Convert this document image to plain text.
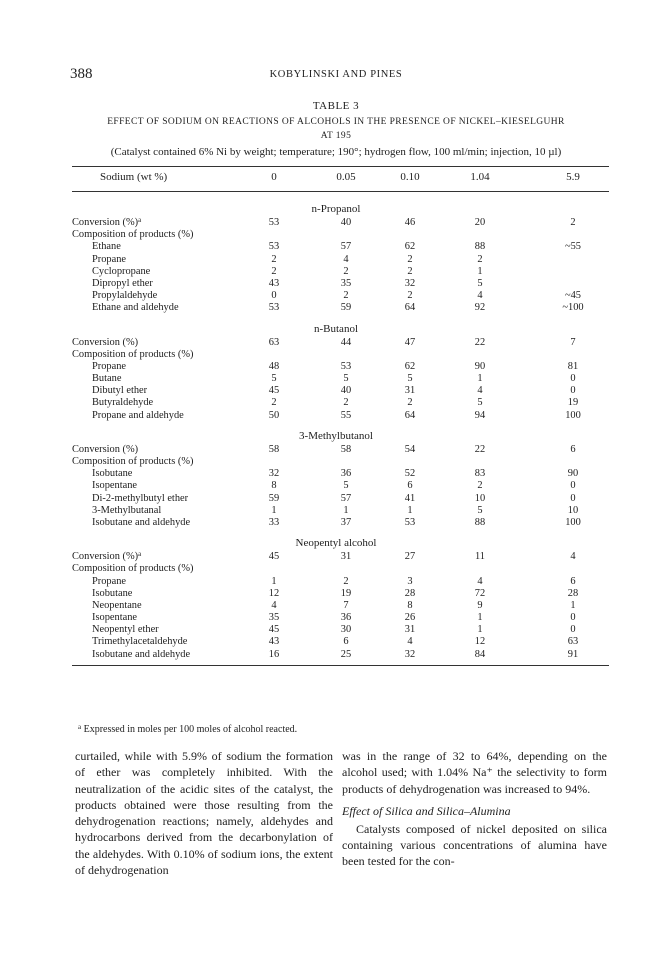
388	KOBYLINSKI AND PINES
TABLE 3
EFFECT OF SODIUM ON REACTIONS OF ALCOHOLS IN THE PRESENCE OF NICKEL–KIESELGUHR
AT 195
(Catalyst contained 6% Ni by weight; temperature; 190°; hydrogen flow, 100 ml/min; injection, 10 µl)
Sodium (wt %)	0	0.05	0.10	1.04	5.9
n-Propanol
Conversion (%)$^a$	53	40	46	20	2
Composition of products (%)
Ethane	53	57	62	88	~55
Propane	2	4	2	2
Cyclopropane	2	2	2	1
Dipropyl ether	43	35	32	5
Propylaldehyde	0	2	2	4	~45
Ethane and aldehyde	53	59	64	92	~100
n-Butanol
Conversion (%)	63	44	47	22	7
Composition of products (%)
Propane	48	53	62	90	81
Butane	5	5	5	1	0
Dibutyl ether	45	40	31	4	0
Butyraldehyde	2	2	2	5	19
Propane and aldehyde	50	55	64	94	100
3-Methylbutanol
Conversion (%)	58	58	54	22	6
Composition of products (%)
Isobutane	32	36	52	83	90
Isopentane	8	5	6	2	0
Di-2-methylbutyl ether	59	57	41	10	0
3-Methylbutanal	1	1	1	5	10
Isobutane and aldehyde	33	37	53	88	100
Neopentyl alcohol
Conversion (%)$^a$	45	31	27	11	4
Composition of products (%)
Propane	1	2	3	4	6
Isobutane	12	19	28	72	28
Neopentane	4	7	8	9	1
Isopentane	35	36	26	1	0
Neopentyl ether	45	30	31	1	0
Trimethylacetaldehyde	43	6	4	12	63
Isobutane and aldehyde	16	25	32	84	91
$^a$ Expressed in moles per 100 moles of alcohol reacted.

curtailed, while with 5.9% of sodium the formation of ether was completely inhibited. With the neutralization of the acidic sites of the catalyst, the products obtained were those resulting from the dehydrogenation reactions; namely, aldehydes and hydrocarbons derived from the decarbonylation of the aldehydes. With 0.10% of sodium ions, the extent of dehydrogenation

was in the range of 32 to 64%, depending on the alcohol used; with 1.04% Na⁺ the selectivity to form products of dehydrogenation was increased to 94%.

Effect of Silica and Silica–Alumina

Catalysts composed of nickel deposited on silica containing various concentrations of alumina have been tested for the con-
